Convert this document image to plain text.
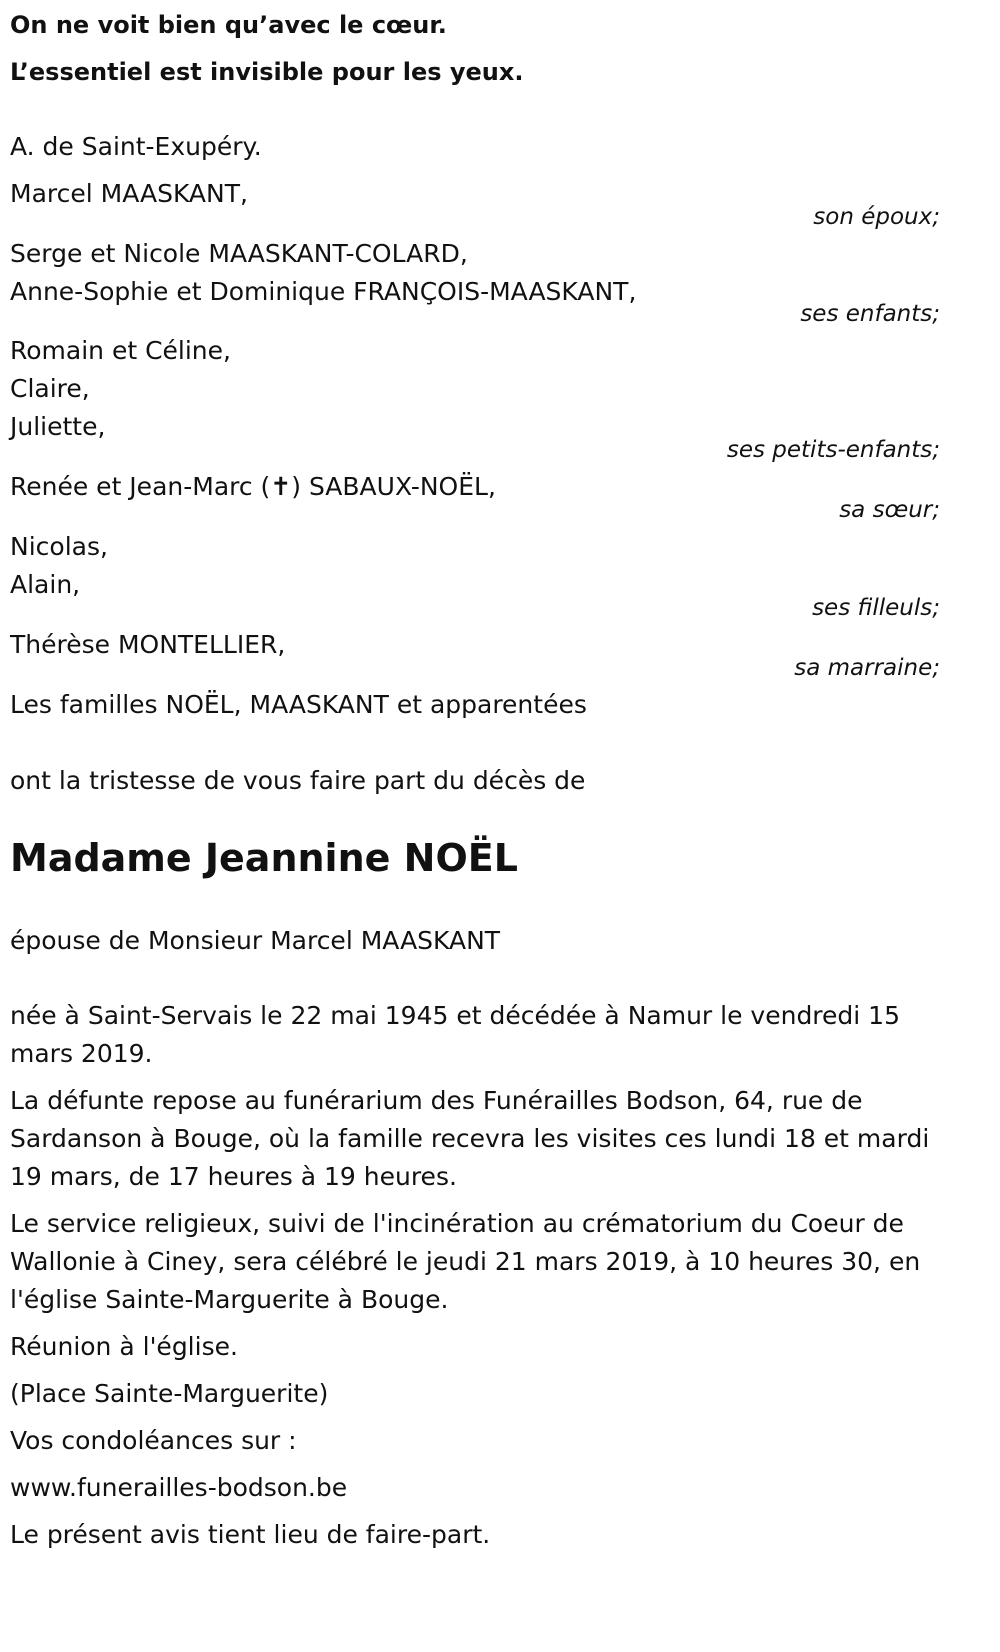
On ne voit bien qu’avec le cœur.
L’essentiel est invisible pour les yeux.
A. de Saint-Exupéry.
Marcel MAASKANT,
son époux;
Serge et Nicole MAASKANT-COLARD,
Anne-Sophie et Dominique FRANÇOIS-MAASKANT,
ses enfants;
Romain et Céline,
Claire,
Juliette,
ses petits-enfants;
Renée et Jean-Marc (✝) SABAUX-NOËL,
sa sœur;
Nicolas,
Alain,
ses filleuls;
Thérèse MONTELLIER,
sa marraine;
Les familles NOËL, MAASKANT et apparentées
ont la tristesse de vous faire part du décès de
Madame Jeannine NOËL
épouse de Monsieur Marcel MAASKANT
née à Saint-Servais le 22 mai 1945 et décédée à Namur le vendredi 15 mars 2019.
La défunte repose au funérarium des Funérailles Bodson, 64, rue de Sardanson à Bouge, où la famille recevra les visites ces lundi 18 et mardi 19 mars, de 17 heures à 19 heures.
Le service religieux, suivi de l'incinération au crématorium du Coeur de Wallonie à Ciney, sera célébré le jeudi 21 mars 2019, à 10 heures 30, en l'église Sainte-Marguerite à Bouge.
Réunion à l'église.
(Place Sainte-Marguerite)
Vos condoléances sur :
www.funerailles-bodson.be
Le présent avis tient lieu de faire-part.
